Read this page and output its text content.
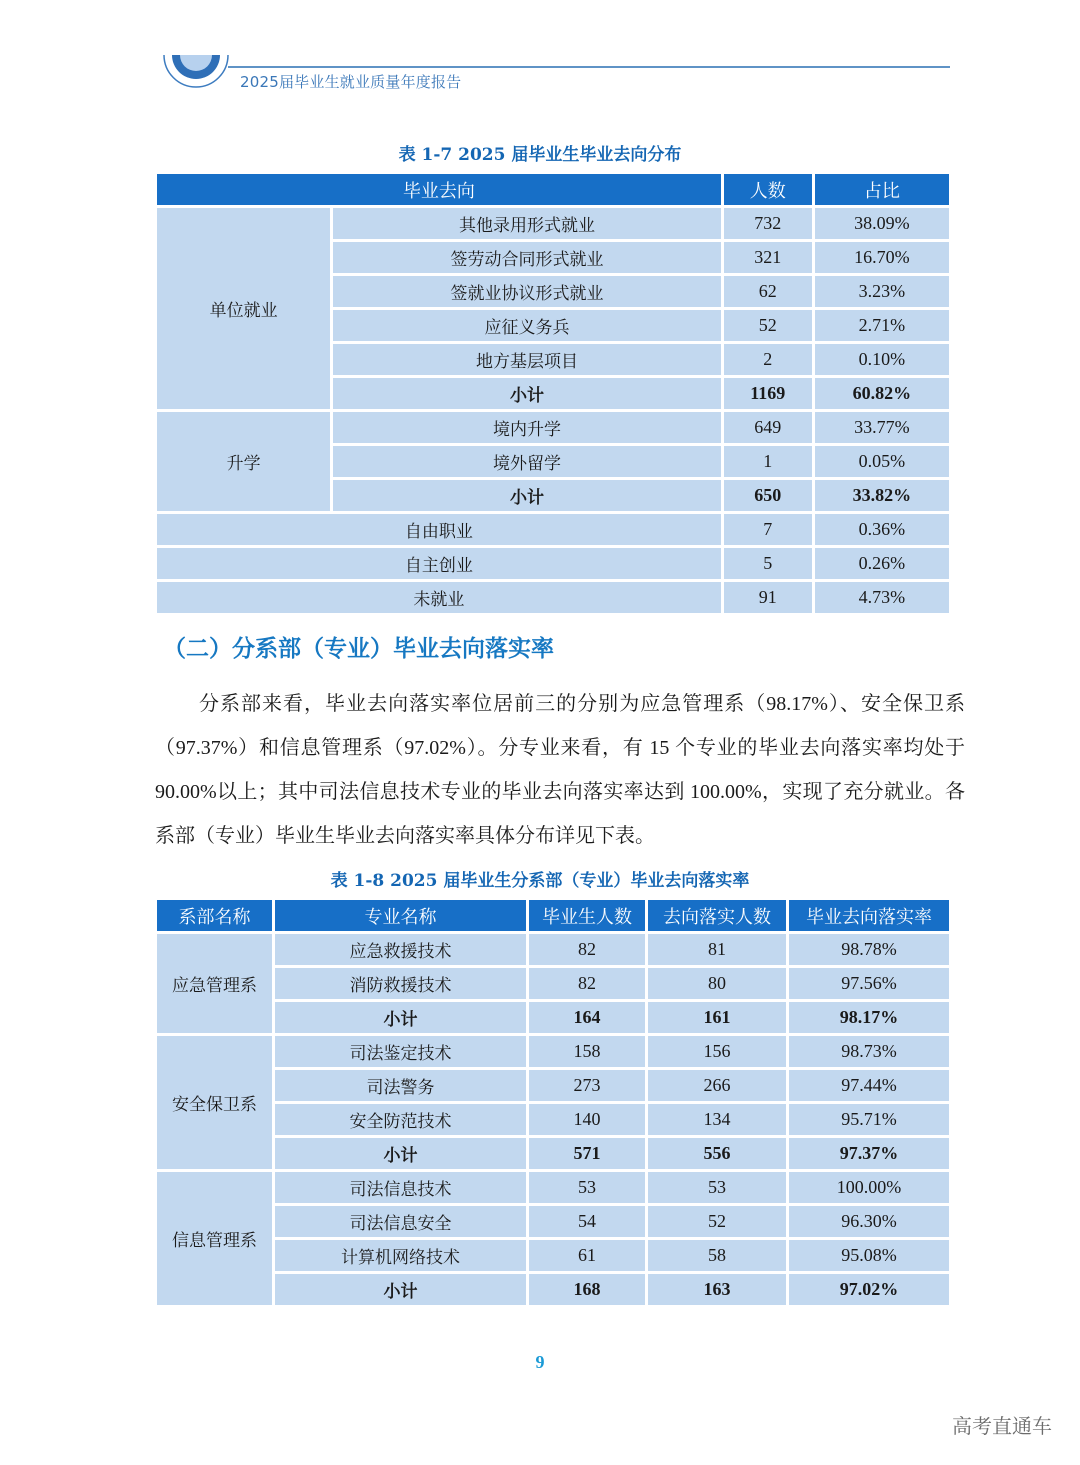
2025届毕业生就业质量年度报告
表 1-7 2025 届毕业生毕业去向分布
毕业去向		人数	占比
单位就业	其他录用形式就业	732	38.09%
	签劳动合同形式就业	321	16.70%
	签就业协议形式就业	62	3.23%
	应征义务兵	52	2.71%
	地方基层项目	2	0.10%
	小计	1169	60.82%
升学	境内升学	649	33.77%
	境外留学	1	0.05%
	小计	650	33.82%
自由职业		7	0.36%
自主创业		5	0.26%
未就业		91	4.73%
（二）分系部（专业）毕业去向落实率

分系部来看，毕业去向落实率位居前三的分别为应急管理系（98.17%）、安全保卫系（97.37%）和信息管理系（97.02%）。分专业来看，有 15 个专业的毕业去向落实率均处于 90.00%以上；其中司法信息技术专业的毕业去向落实率达到 100.00%，实现了充分就业。各系部（专业）毕业生毕业去向落实率具体分布详见下表。

表 1-8 2025 届毕业生分系部（专业）毕业去向落实率
系部名称	专业名称	毕业生人数	去向落实人数	毕业去向落实率
应急管理系	应急救援技术	82	81	98.78%
	消防救援技术	82	80	97.56%
	小计	164	161	98.17%
安全保卫系	司法鉴定技术	158	156	98.73%
	司法警务	273	266	97.44%
	安全防范技术	140	134	95.71%
	小计	571	556	97.37%
信息管理系	司法信息技术	53	53	100.00%
	司法信息安全	54	52	96.30%
	计算机网络技术	61	58	95.08%
	小计	168	163	97.02%
9
高考直通车
